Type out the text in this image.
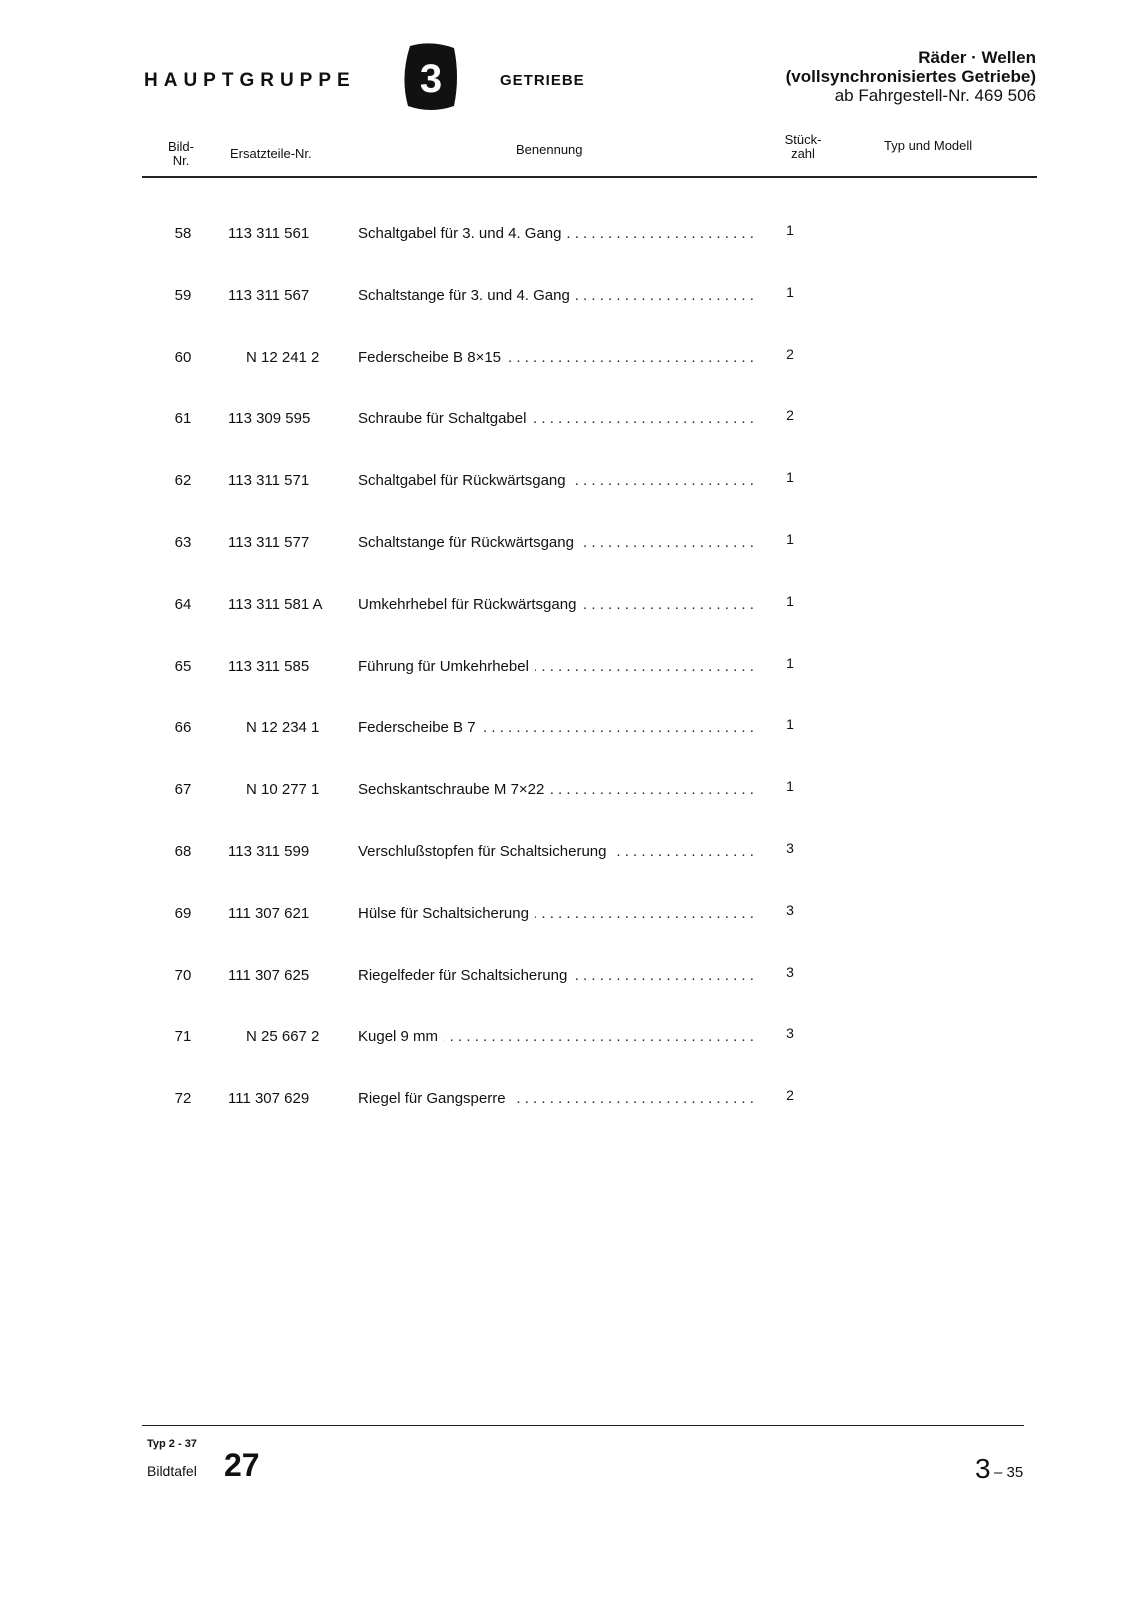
HAUPTGRUPPE 3	GETRIEBE
Räder · Wellen
(vollsynchronisiertes Getriebe)
ab Fahrgestell-Nr. 469 506
Bild-
Nr.	Ersatzteile-Nr.	Benennung
Stück-
zahl
Typ und Modell
58	113 311 561	Schaltgabel für 3. und 4. Gang . . .	1
59	113 311 567	Schaltstange für 3. und 4. Gang . . .	1
60	N 12 241 2	Federscheibe B 8×15 . . .	2
61	113 309 595	Schraube für Schaltgabel . . .	2
62	113 311 571	Schaltgabel für Rückwärtsgang . . .	1
63	113 311 577	Schaltstange für Rückwärtsgang . . .	1
64	113 311 581 A Umkehrhebel für Rückwärtsgang . . .	1
65	113 311 585	Führung für Umkehrhebel . . .	1
66	N 12 234 1	Federscheibe B 7 . . .	1
67	N 10 277 1	Sechskantschraube M 7×22 . . .	1
68	113 311 599	Verschlußstopfen für Schaltsicherung . . .	3
69	111 307 621	Hülse für Schaltsicherung . . .	3
70	111 307 625	Riegelfeder für Schaltsicherung . . .	3
71	N 25 667 2	Kugel 9 mm . . .	3
72	111 307 629	Riegel für Gangsperre . . .	2
Typ 2 - 37
Bildtafel 27	3 – 35
